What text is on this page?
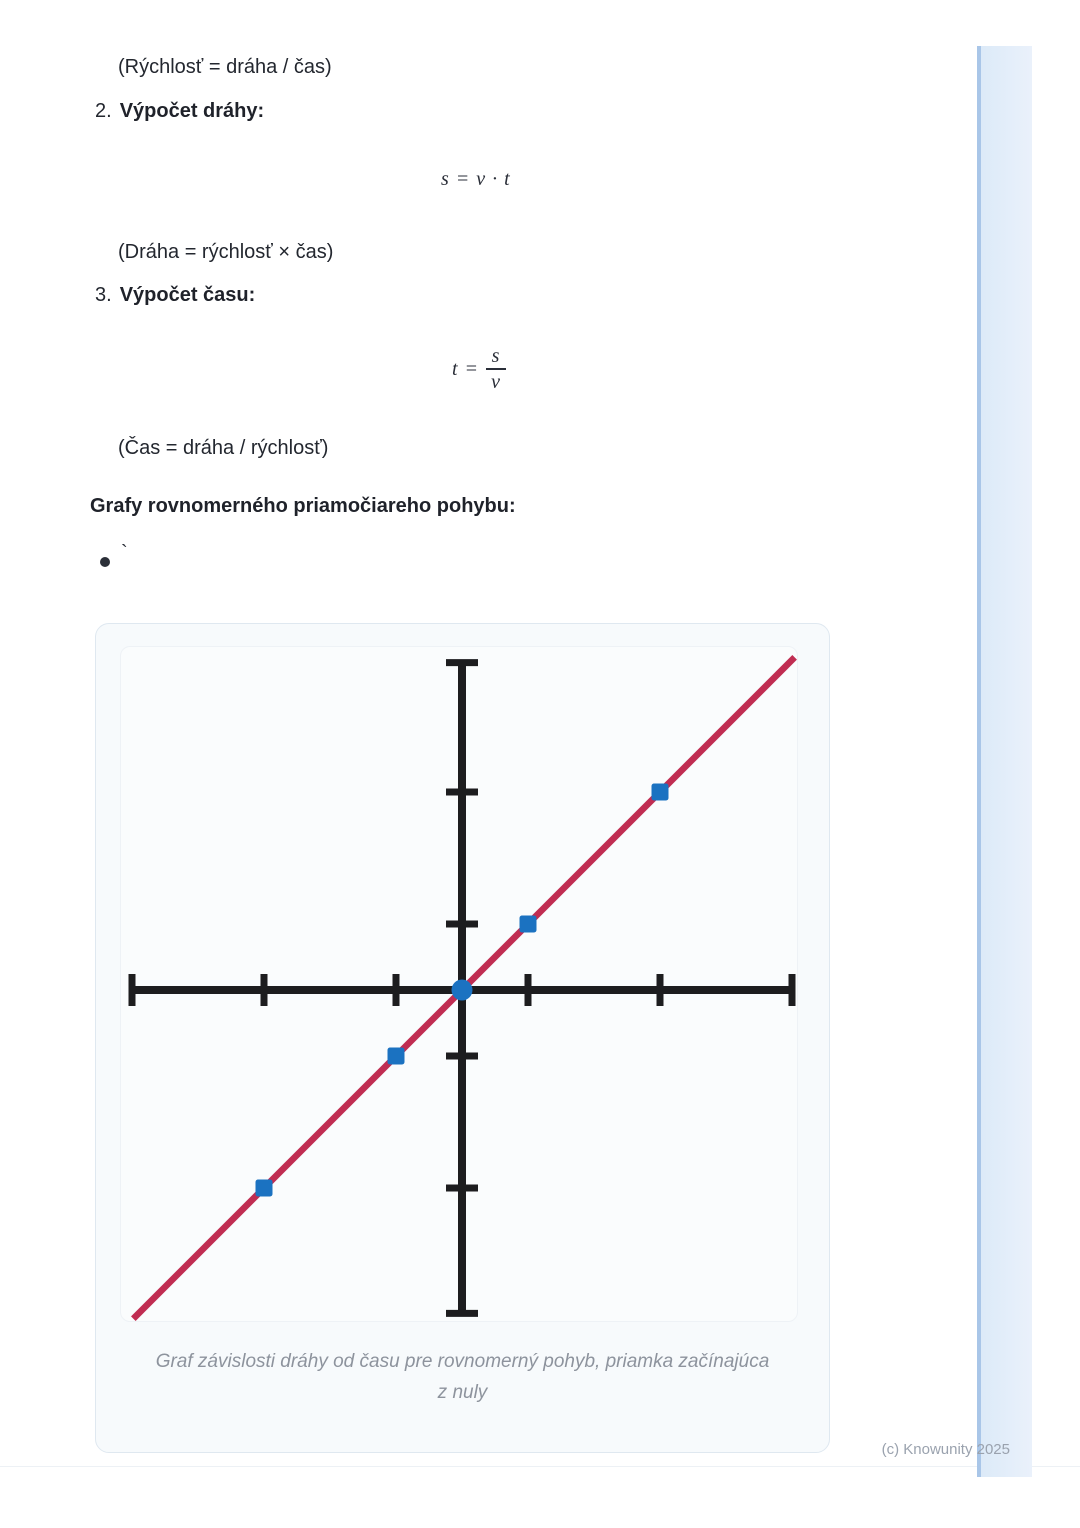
(Rýchlosť = dráha / čas)
2. Výpočet dráhy:
s = v · t
(Dráha = rýchlosť × čas)
3. Výpočet času:
$t = \frac{s}{v}$
(Čas = dráha / rýchlosť)
Grafy rovnomerného priamočiareho pohybu:
`
Graf závislosti dráhy od času pre rovnomerný pohyb, priamka začínajúca
z nuly
(c) Knowunity 2025
